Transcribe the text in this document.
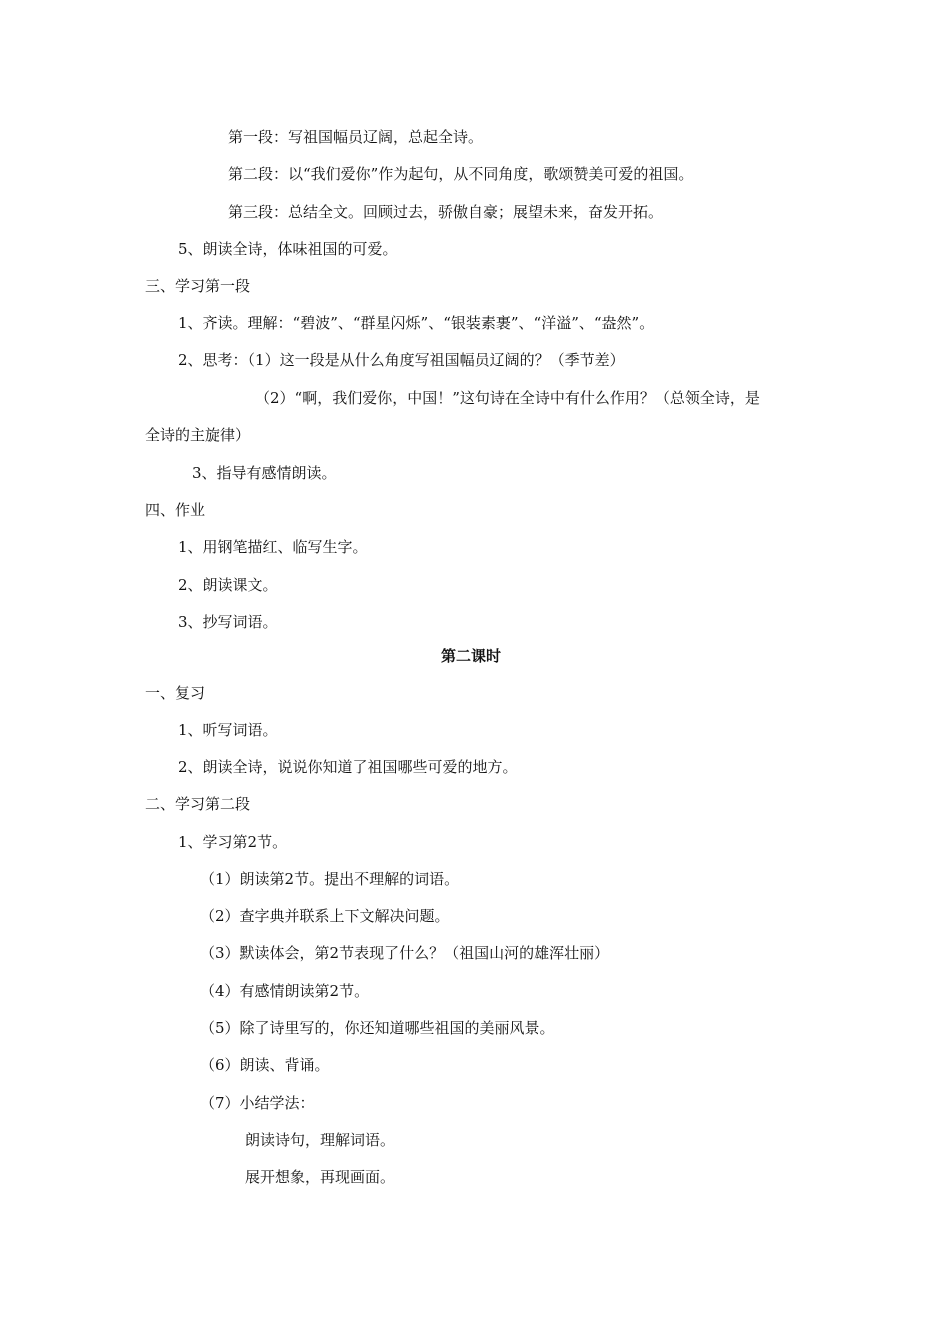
第一段：写祖国幅员辽阔，总起全诗。
第二段：以“我们爱你”作为起句，从不同角度，歌颂赞美可爱的祖国。
第三段：总结全文。回顾过去，骄傲自豪；展望未来，奋发开拓。
5、朗读全诗，体味祖国的可爱。
三、学习第一段
1、齐读。理解：“碧波”、“群星闪烁”、“银装素裹”、“洋溢”、“盎然”。
2、思考：（1）这一段是从什么角度写祖国幅员辽阔的？（季节差）
（2）“啊，我们爱你，中国！”这句诗在全诗中有什么作用？（总领全诗，是
全诗的主旋律）
3、指导有感情朗读。
四、作业
1、用钢笔描红、临写生字。
2、朗读课文。
3、抄写词语。
第二课时
一、复习
1、听写词语。
2、朗读全诗，说说你知道了祖国哪些可爱的地方。
二、学习第二段
1、学习第2节。
（1）朗读第2节。提出不理解的词语。
（2）查字典并联系上下文解决问题。
（3）默读体会，第2节表现了什么？（祖国山河的雄浑壮丽）
（4）有感情朗读第2节。
（5）除了诗里写的，你还知道哪些祖国的美丽风景。
（6）朗读、背诵。
（7）小结学法：
朗读诗句，理解词语。
展开想象，再现画面。
